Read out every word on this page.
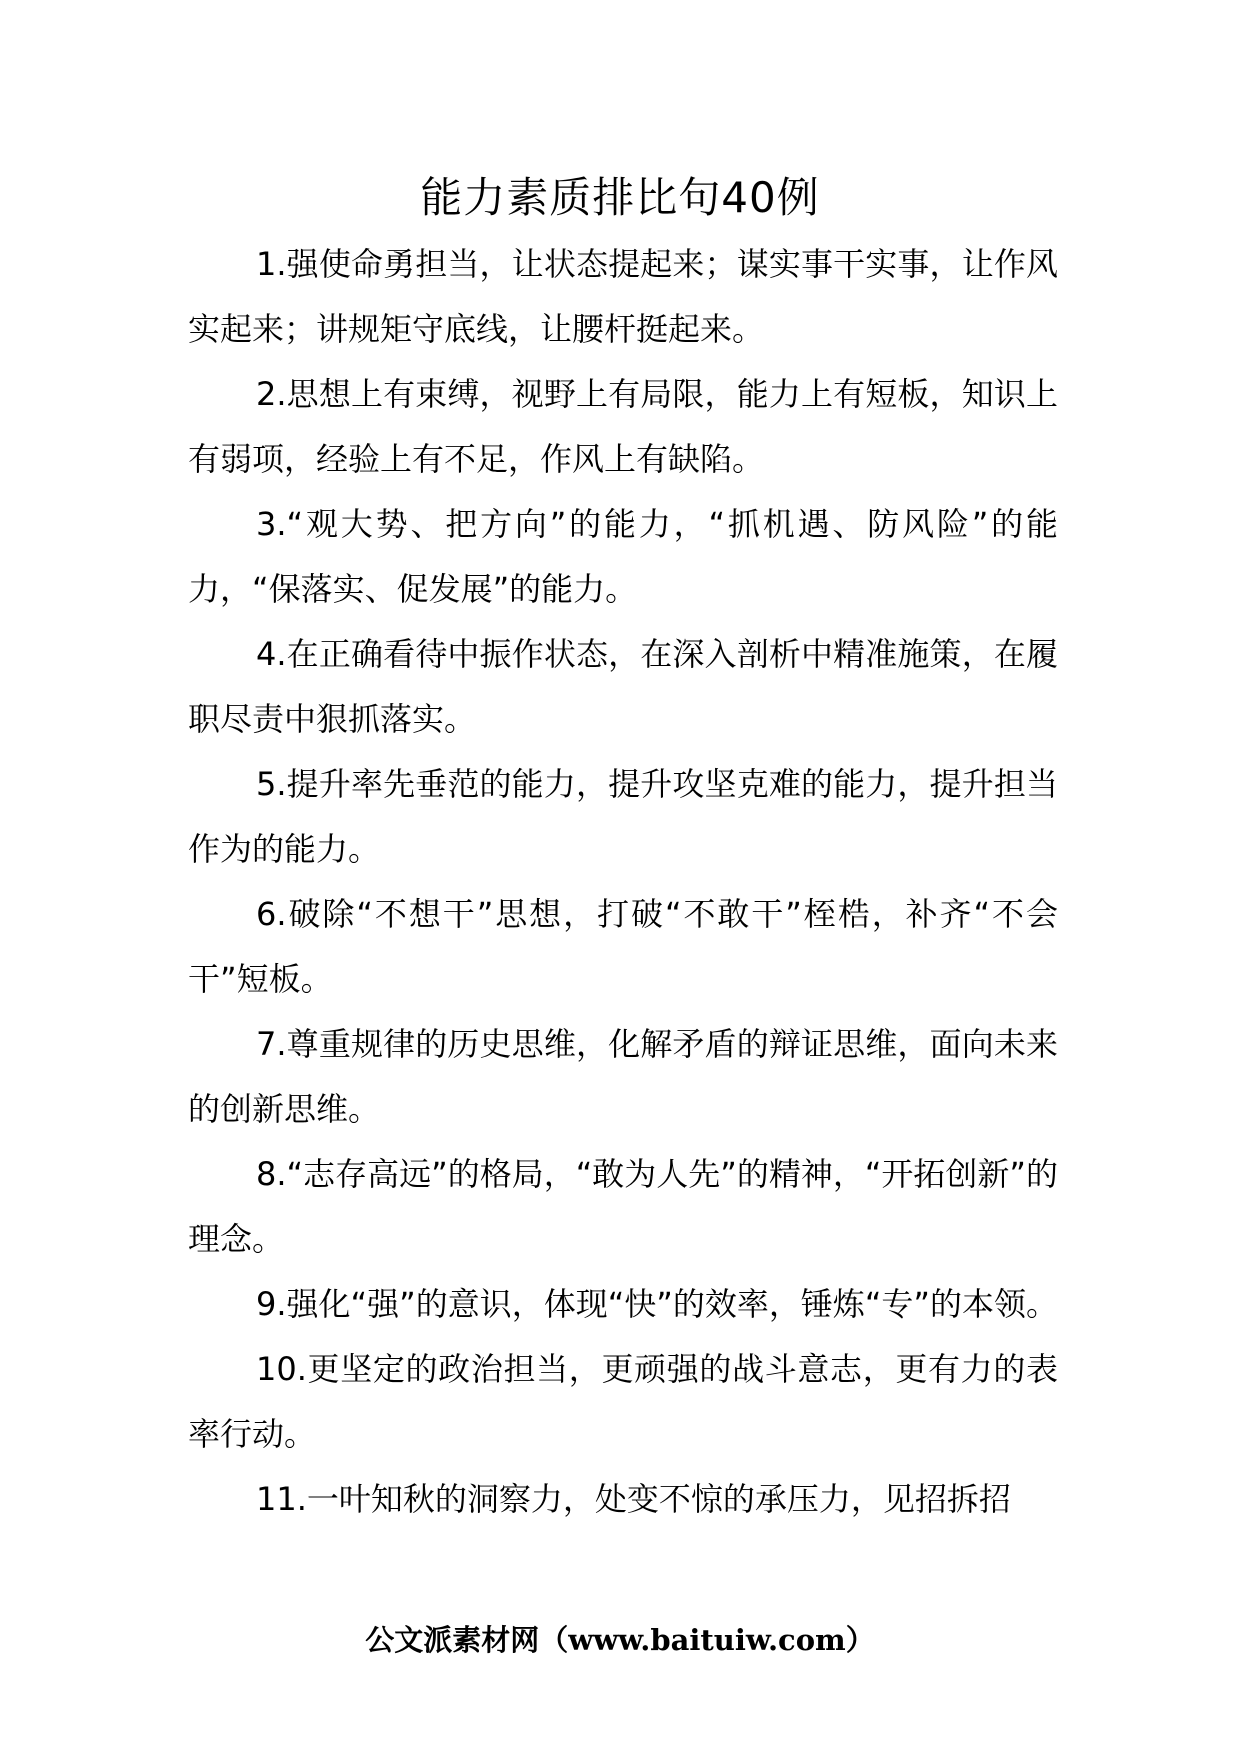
能力素质排比句40例

1.强使命勇担当，让状态提起来；谋实事干实事，让作风实起来；讲规矩守底线，让腰杆挺起来。

2.思想上有束缚，视野上有局限，能力上有短板，知识上有弱项，经验上有不足，作风上有缺陷。

3.“观大势、把方向”的能力，“抓机遇、防风险”的能力，“保落实、促发展”的能力。

4.在正确看待中振作状态，在深入剖析中精准施策，在履职尽责中狠抓落实。

5.提升率先垂范的能力，提升攻坚克难的能力，提升担当作为的能力。

6.破除“不想干”思想，打破“不敢干”桎梏，补齐“不会干”短板。

7.尊重规律的历史思维，化解矛盾的辩证思维，面向未来的创新思维。

8.“志存高远”的格局，“敢为人先”的精神，“开拓创新”的理念。

9.强化“强”的意识，体现“快”的效率，锤炼“专”的本领。

10.更坚定的政治担当，更顽强的战斗意志，更有力的表率行动。

11.一叶知秋的洞察力，处变不惊的承压力，见招拆招

公文派素材网（www.baituiw.com）
